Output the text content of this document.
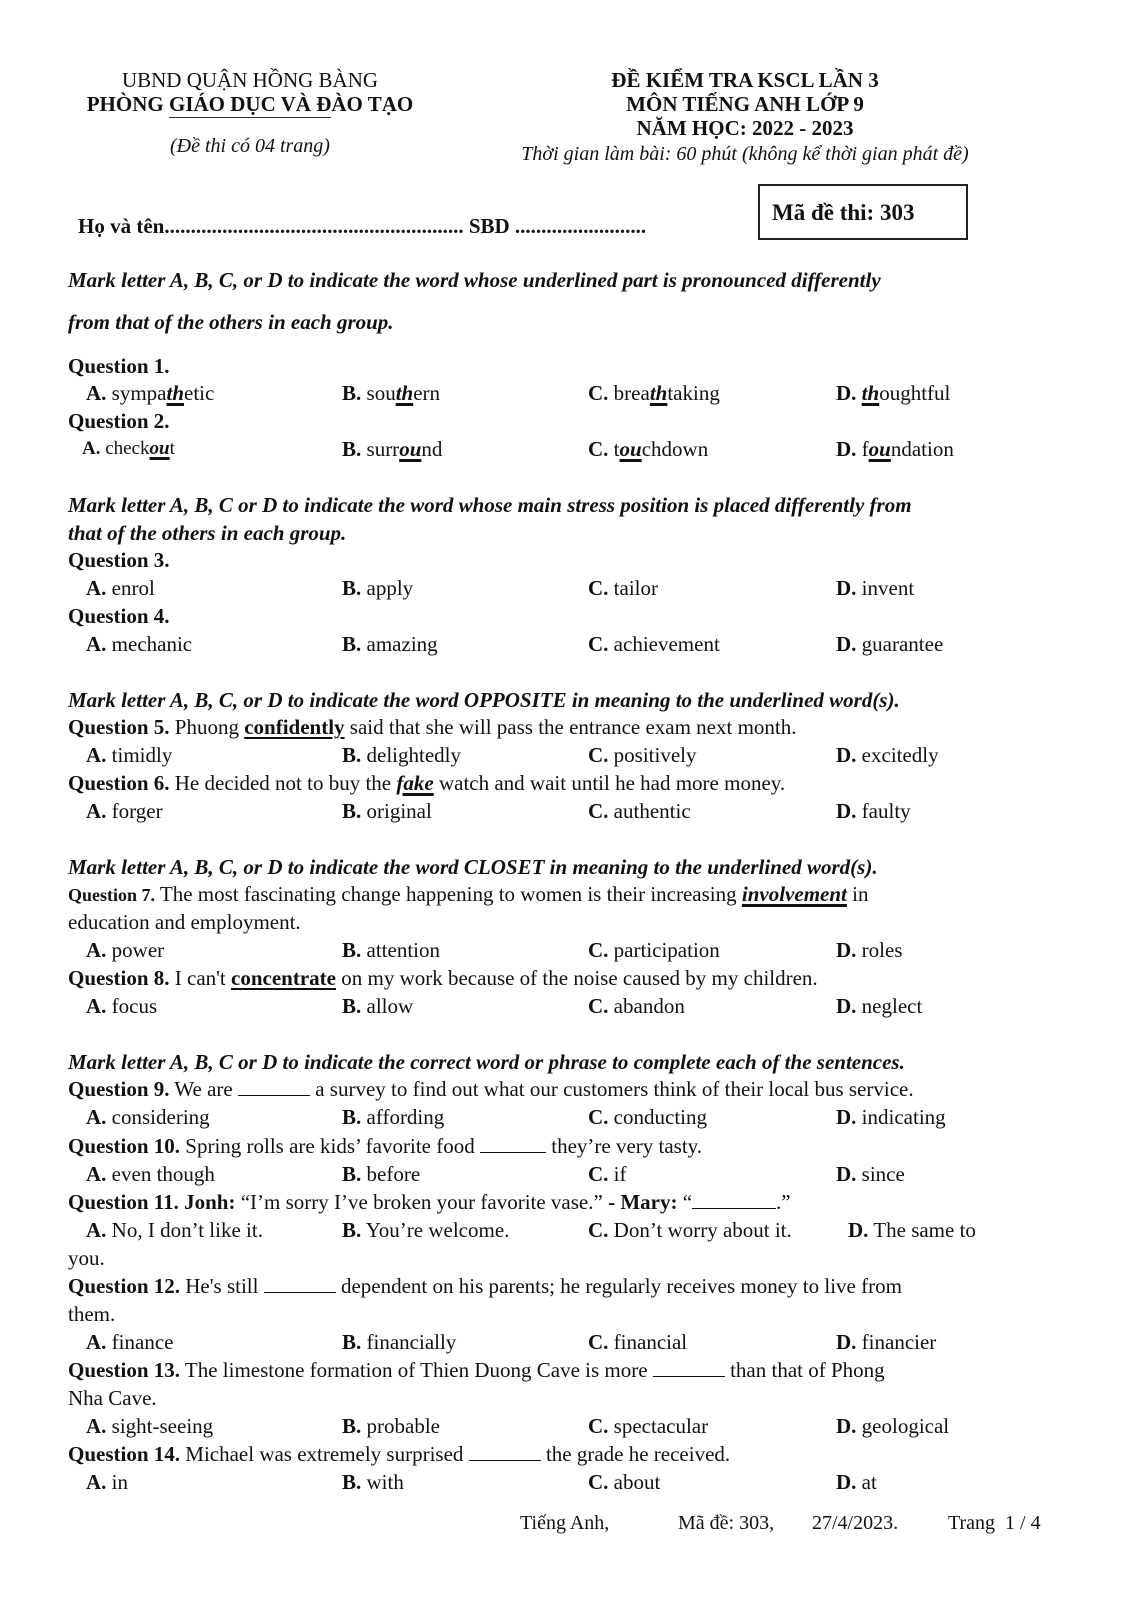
UBND QUẬN HỒNG BÀNG
PHÒNG GIÁO DỤC VÀ ĐÀO TẠO
(Đề thi có 04 trang)
ĐỀ KIỂM TRA KSCL LẦN 3
MÔN TIẾNG ANH LỚP 9
NĂM HỌC: 2022 - 2023
Thời gian làm bài: 60 phút (không kể thời gian phát đề)
Họ và tên......................................................... SBD .........................
Mã đề thi: 303
Mark letter A, B, C, or D to indicate the word whose underlined part is pronounced differently
from that of the others in each group.
Question 1.
A. sympathetic	B. southern	C. breathtaking	D. thoughtful
Question 2.
A. checkout	B. surround	C. touchdown	D. foundation
Mark letter A, B, C or D to indicate the word whose main stress position is placed differently from
that of the others in each group.
Question 3.
A. enrol	B. apply	C. tailor	D. invent
Question 4.
A. mechanic	B. amazing	C. achievement	D. guarantee
Mark letter A, B, C, or D to indicate the word OPPOSITE in meaning to the underlined word(s).
Question 5. Phuong confidently said that she will pass the entrance exam next month.
A. timidly	B. delightedly	C. positively	D. excitedly
Question 6. He decided not to buy the fake watch and wait until he had more money.
A. forger	B. original	C. authentic	D. faulty
Mark letter A, B, C, or D to indicate the word CLOSET in meaning to the underlined word(s).
Question 7. The most fascinating change happening to women is their increasing involvement in
education and employment.
A. power	B. attention	C. participation	D. roles
Question 8. I can't concentrate on my work because of the noise caused by my children.
A. focus	B. allow	C. abandon	D. neglect
Mark letter A, B, C or D to indicate the correct word or phrase to complete each of the sentences.
Question 9. We are	a survey to find out what our customers think of their local bus service.
A. considering	B. affording	C. conducting	D. indicating
Question 10. Spring rolls are kids’ favorite food	they’re very tasty.
A. even though	B. before	C. if	D. since
Question 11. Jonh: “I’m sorry I’ve broken your favorite vase.” - Mary: “	.”
A. No, I don’t like it.	B. You’re welcome.	C. Don’t worry about it.	D. The same to
you.
Question 12. He's still	dependent on his parents; he regularly receives money to live from
them.
A. finance	B. financially	C. financial	D. financier
Question 13. The limestone formation of Thien Duong Cave is more	than that of Phong
Nha Cave.
A. sight-seeing	B. probable	C. spectacular	D. geological
Question 14. Michael was extremely surprised	the grade he received.
A. in	B. with	C. about	D. at
Tiếng Anh,	Mã đề: 303, 27/4/2023. Trang  1 / 4
